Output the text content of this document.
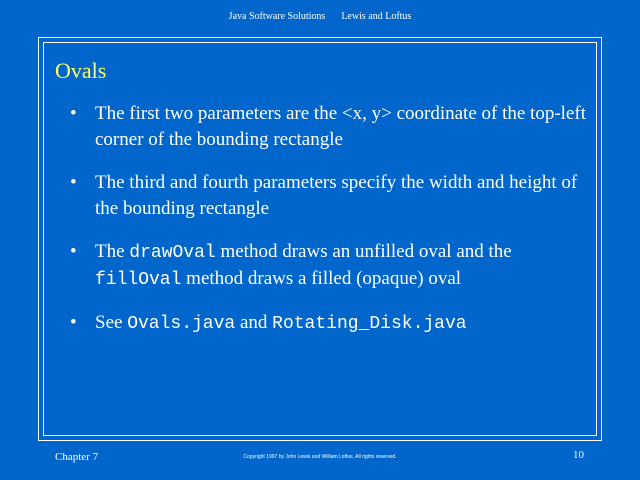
Java Software Solutions Lewis and Loftus
Ovals
• The first two parameters are the <x, y> coordinate of the top-left corner of the bounding rectangle
• The third and fourth parameters specify the width and height of the bounding rectangle
• The drawOval method draws an unfilled oval and the fillOval method draws a filled (opaque) oval
• See Ovals.java and Rotating_Disk.java
Chapter 7	Copyright 1997 by John Lewis and William Loftus. All rights reserved.	10
